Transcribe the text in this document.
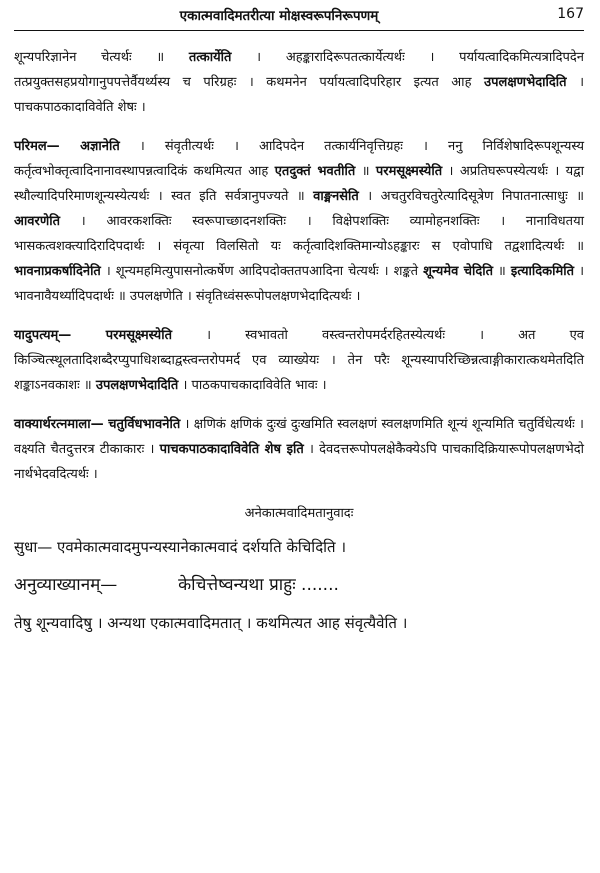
एकात्मवादिमतरीत्या मोक्षस्वरूपनिरूपणम्	167

शून्यपरिज्ञानेन चेत्यर्थः ॥ तत्कार्येति । अहङ्कारादिरूपतत्कार्येत्यर्थः । पर्यायत्वादिकमित्यत्रादिपदेन तत्प्रयुक्तसहप्रयोगानुपपत्तेर्वैयर्थ्यस्य च परिग्रहः । कथमनेन पर्यायत्वादिपरिहार इत्यत आह उपलक्षणभेदादिति । पाचकपाठकादाविवेति शेषः ।

परिमल— अज्ञानेति । संवृतीत्यर्थः । आदिपदेन तत्कार्यनिवृत्तिग्रहः । ननु निर्विशेषादिरूपशून्यस्य कर्तृत्वभोक्तृत्वादिनानावस्थापन्नत्वादिकं कथमित्यत आह एतदुक्तं भवतीति ॥ परमसूक्ष्मस्येति । अप्रतिघरूपस्येत्यर्थः । यद्वा स्थौल्यादिपरिमाणशून्यस्येत्यर्थः । स्वत इति सर्वत्रानुपज्यते ॥ वाङ्मनसेति । अचतुरविचतुरेत्यादिसूत्रेण निपातनात्साधुः ॥ आवरणेति । आवरकशक्तिः स्वरूपाच्छादनशक्तिः । विक्षेपशक्तिः व्यामोहनशक्तिः । नानाविधतया भासकत्वशक्त्यादिरादिपदार्थः । संवृत्या विलसितो यः कर्तृत्वादिशक्तिमान्योऽहङ्कारः स एवोपाधि तद्वशादित्यर्थः ॥ भावनाप्रकर्षादिनेति । शून्यमहमित्युपासनोत्कर्षेण आदिपदोक्ततपआदिना चेत्यर्थः । शङ्कते शून्यमेव चेदिति ॥ इत्यादिकमिति । भावनावैयर्थ्यादिपदार्थः ॥ उपलक्षणेति । संवृतिध्वंसरूपोपलक्षणभेदादित्यर्थः ।

यादुपत्यम्— परमसूक्ष्मस्येति । स्वभावतो वस्त्वन्तरोपमर्दरहितस्येत्यर्थः । अत एव किञ्चित्स्थूलतादिशब्दैरप्युपाधिशब्दाद्वस्त्वन्तरोपमर्द एव व्याख्येयः । तेन परैः शून्यस्यापरिच्छिन्नत्वाङ्गीकारात्कथमेतदिति शङ्काऽनवकाशः ॥ उपलक्षणभेदादिति । पाठकपाचकादाविवेति भावः ।

वाक्यार्थरत्नमाला— चतुर्विधभावनेति । क्षणिकं क्षणिकं दुःखं दुःखमिति स्वलक्षणं स्वलक्षणमिति शून्यं शून्यमिति चतुर्विधेत्यर्थः । वक्ष्यति चैतदुत्तरत्र टीकाकारः । पाचकपाठकादाविवेति शेष इति । देवदत्तरूपोपलक्षेकैक्येऽपि पाचकादिक्रियारूपोपलक्षणभेदो नार्थभेदवदित्यर्थः ।

अनेकात्मवादिमतानुवादः
सुधा— एवमेकात्मवादमुपन्यस्यानेकात्मवादं दर्शयति केचिदिति ।
अनुव्याख्यानम्—	केचित्तेष्वन्यथा प्राहुः .......
तेषु शून्यवादिषु । अन्यथा एकात्मवादिमतात् । कथमित्यत आह संवृत्यैवेति ।
